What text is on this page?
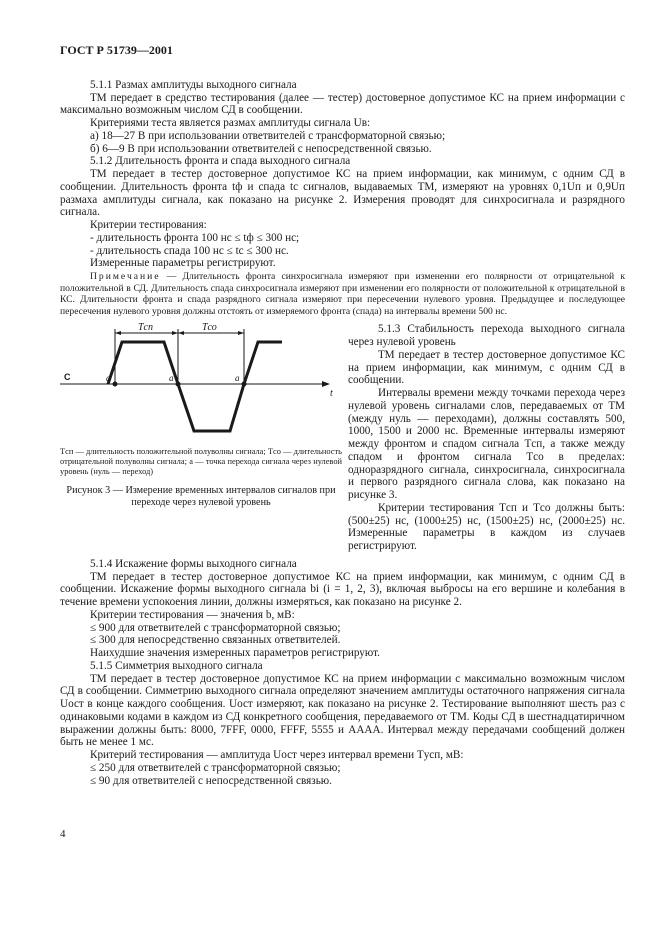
ГОСТ Р 51739—2001

5.1.1 Размах амплитуды выходного сигнала

ТМ передает в средство тестирования (далее — тестер) достоверное допустимое КС на прием информации с максимально возможным числом СД в сообщении.

Критериями теста является размах амплитуды сигнала Uв:

а) 18—27 В при использовании ответвителей с трансформаторной связью;

б) 6—9 В при использовании ответвителей с непосредственной связью.

5.1.2 Длительность фронта и спада выходного сигнала

ТМ передает в тестер достоверное допустимое КС на прием информации, как минимум, с одним СД в сообщении. Длительность фронта tф и спада tс сигналов, выдаваемых ТМ, измеряют на уровнях 0,1Uп и 0,9Uп размаха амплитуды сигнала, как показано на рисунке 2. Измерения проводят для синхросигнала и разрядного сигнала.

Критерии тестирования:

- длительность фронта 100 нс ≤ tф ≤ 300 нс;

- длительность спада 100 нс ≤ tс ≤ 300 нс.

Измеренные параметры регистрируют.

Примечание — Длительность фронта синхросигнала измеряют при изменении его полярности от отрицательной к положительной в СД. Длительность спада синхросигнала измеряют при изменении его полярности от положительной к отрицательной в КС. Длительности фронта и спада разрядного сигнала измеряют при пересечении нулевого уровня. Предыдущее и последующее пересечения нулевого уровня должны отстоять от измеряемого фронта (спада) на интервалы времени 500 нс.

Tсп	Tсо
С
t
а	а	а

Tсп — длительность положительной полуволны сигнала; Tсо — длительность отрицательной полуволны сигнала; а — точка перехода сигнала через нулевой уровень (нуль — переход)

Рисунок 3 — Измерение временных интервалов сигналов при переходе через нулевой уровень

5.1.3 Стабильность перехода выходного сигнала через нулевой уровень

ТМ передает в тестер достоверное допустимое КС на прием информации, как минимум, с одним СД в сообщении.

Интервалы времени между точками перехода через нулевой уровень сигналами слов, передаваемых от ТМ (между нуль — переходами), должны составлять 500, 1000, 1500 и 2000 нс. Временные интервалы измеряют между фронтом и спадом сигнала Tсп, а также между спадом и фронтом сигнала Tсо в пределах: одноразрядного сигнала, синхросигнала, синхросигнала и первого разрядного сигнала слова, как показано на рисунке 3.

Критерии тестирования Tсп и Tсо должны быть: (500±25) нс, (1000±25) нс, (1500±25) нс, (2000±25) нс. Измеренные параметры в каждом из случаев регистрируют.

5.1.4 Искажение формы выходного сигнала

ТМ передает в тестер достоверное допустимое КС на прием информации, как минимум, с одним СД в сообщении. Искажение формы выходного сигнала bi (i = 1, 2, 3), включая выбросы на его вершине и колебания в течение времени успокоения линии, должны измеряться, как показано на рисунке 2.

Критерии тестирования — значения b, мВ:

≤ 900 для ответвителей с трансформаторной связью;

≤ 300 для непосредственно связанных ответвителей.

Наихудшие значения измеренных параметров регистрируют.

5.1.5 Симметрия выходного сигнала

ТМ передает в тестер достоверное допустимое КС на прием информации с максимально возможным числом СД в сообщении. Симметрию выходного сигнала определяют значением амплитуды остаточного напряжения сигнала Uост в конце каждого сообщения. Uост измеряют, как показано на рисунке 2. Тестирование выполняют шесть раз с одинаковыми кодами в каждом из СД конкретного сообщения, передаваемого от ТМ. Коды СД в шестнадцатиричном выражении должны быть: 8000, 7FFF, 0000, FFFF, 5555 и АААА. Интервал между передачами сообщений должен быть не менее 1 мс.

Критерий тестирования — амплитуда Uост через интервал времени Tусп, мВ:

≤ 250 для ответвителей с трансформаторной связью;

≤ 90 для ответвителей с непосредственной связью.

4
